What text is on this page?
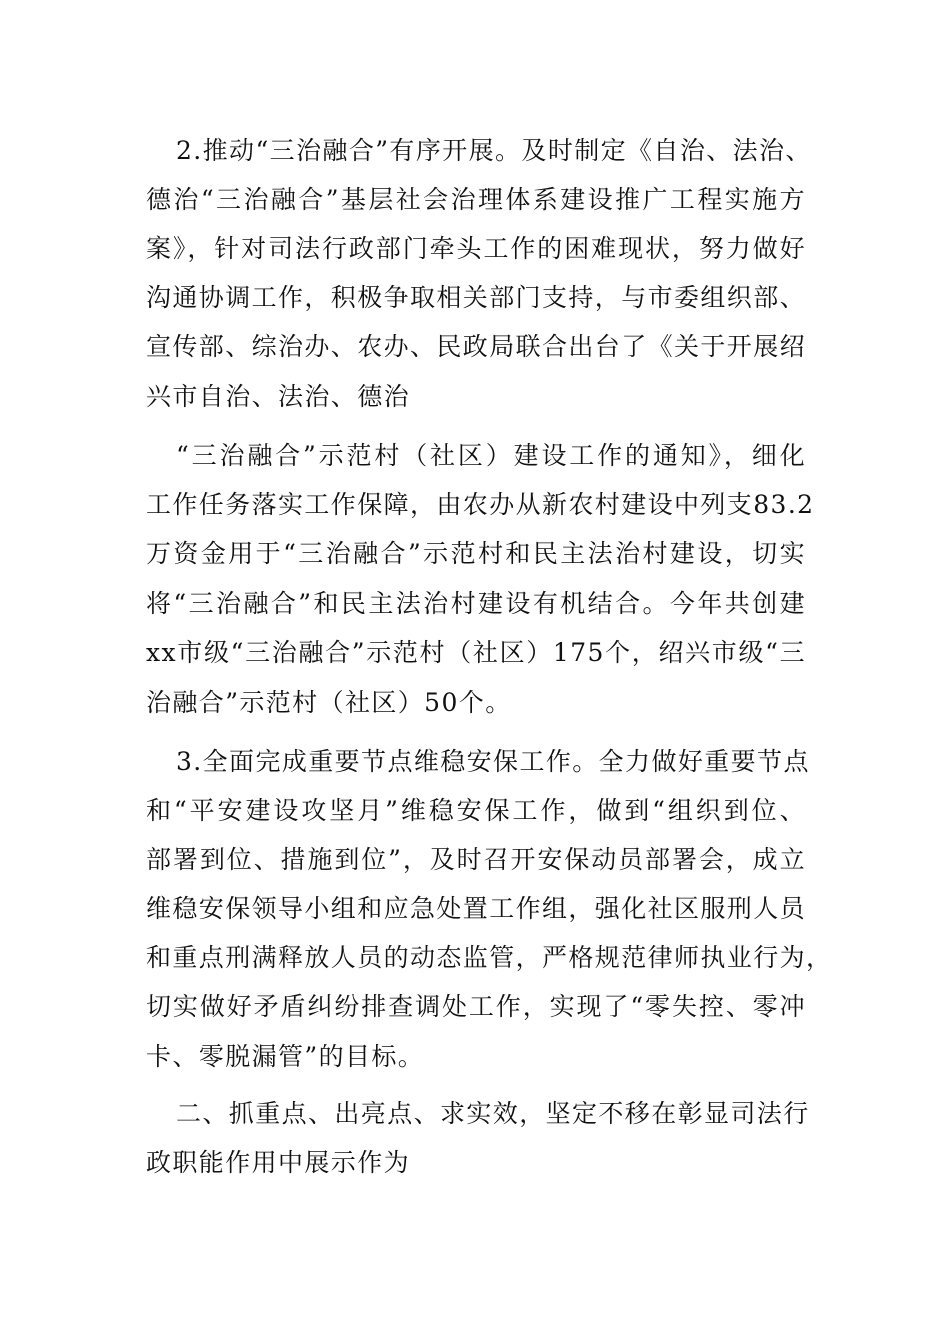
2.推动“三治融合”有序开展。及时制定《自治、法治、
德治“三治融合”基层社会治理体系建设推广工程实施方
案》，针对司法行政部门牵头工作的困难现状，努力做好
沟通协调工作，积极争取相关部门支持，与市委组织部、
宣传部、综治办、农办、民政局联合出台了《关于开展绍
兴市自治、法治、德治
“三治融合”示范村（社区）建设工作的通知》，细化
工作任务落实工作保障，由农办从新农村建设中列支83.2
万资金用于“三治融合”示范村和民主法治村建设，切实
将“三治融合”和民主法治村建设有机结合。今年共创建
xx市级“三治融合”示范村（社区）175个，绍兴市级“三
治融合”示范村（社区）50个。
3.全面完成重要节点维稳安保工作。全力做好重要节点
和“平安建设攻坚月”维稳安保工作，做到“组织到位、
部署到位、措施到位”，及时召开安保动员部署会，成立
维稳安保领导小组和应急处置工作组，强化社区服刑人员
和重点刑满释放人员的动态监管，严格规范律师执业行为，
切实做好矛盾纠纷排查调处工作，实现了“零失控、零冲
卡、零脱漏管”的目标。
二、抓重点、出亮点、求实效，坚定不移在彰显司法行
政职能作用中展示作为
